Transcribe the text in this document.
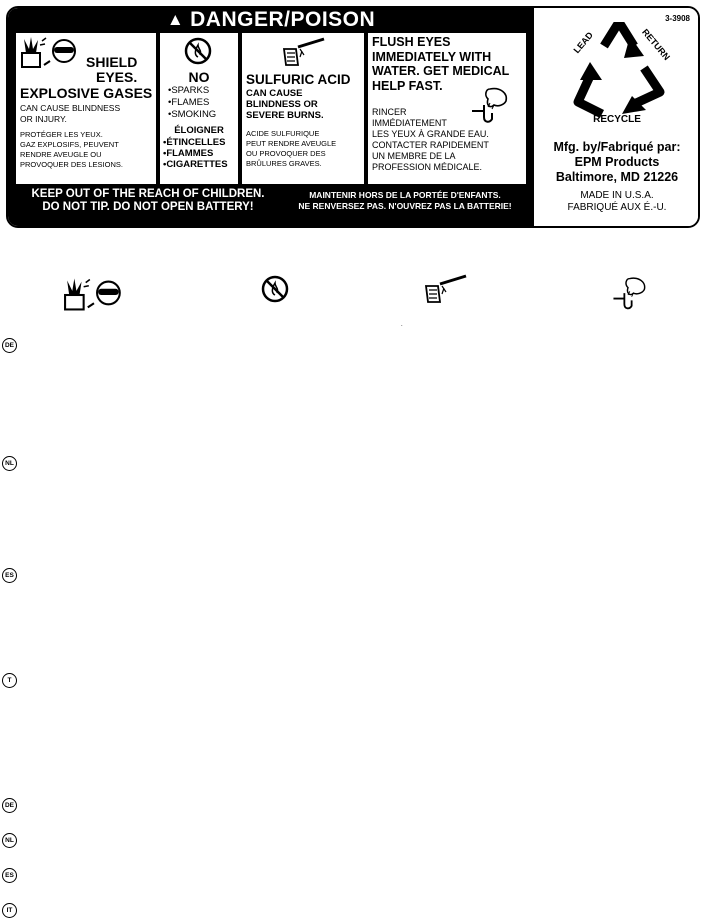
▲ DANGER/POISON
SHIELD
EYES.
EXPLOSIVE GASES
CAN CAUSE BLINDNESS
OR INJURY.
PROTÉGER LES YEUX.
GAZ EXPLOSIFS, PEUVENT
RENDRE AVEUGLE OU
PROVOQUER DES LESIONS.
NO
•SPARKS
•FLAMES
•SMOKING
ÉLOIGNER
•ÉTINCELLES
•FLAMMES
•CIGARETTES
SULFURIC ACID
CAN CAUSE
BLINDNESS OR
SEVERE BURNS.
ACIDE SULFURIQUE
PEUT RENDRE AVEUGLE
OU PROVOQUER DES
BRÛLURES GRAVES.
FLUSH EYES
IMMEDIATELY WITH
WATER. GET MEDICAL
HELP FAST.
RINCER
IMMÉDIATEMENT
LES YEUX À GRANDE EAU.
CONTACTER RAPIDEMENT
UN MEMBRE DE LA
PROFESSION MÉDICALE.
KEEP OUT OF THE REACH OF CHILDREN.
DO NOT TIP. DO NOT OPEN BATTERY!
MAINTENIR HORS DE LA PORTÉE D'ENFANTS.
NE RENVERSEZ PAS. N'OUVREZ PAS LA BATTERIE!
3-3908
LEAD	RETURN
RECYCLE
Mfg. by/Fabriqué par:
EPM Products
Baltimore, MD 21226
MADE IN U.S.A.
FABRIQUÉ AUX É.-U.
.
DE
NL
ES
T
DE
NL
ES
IT
